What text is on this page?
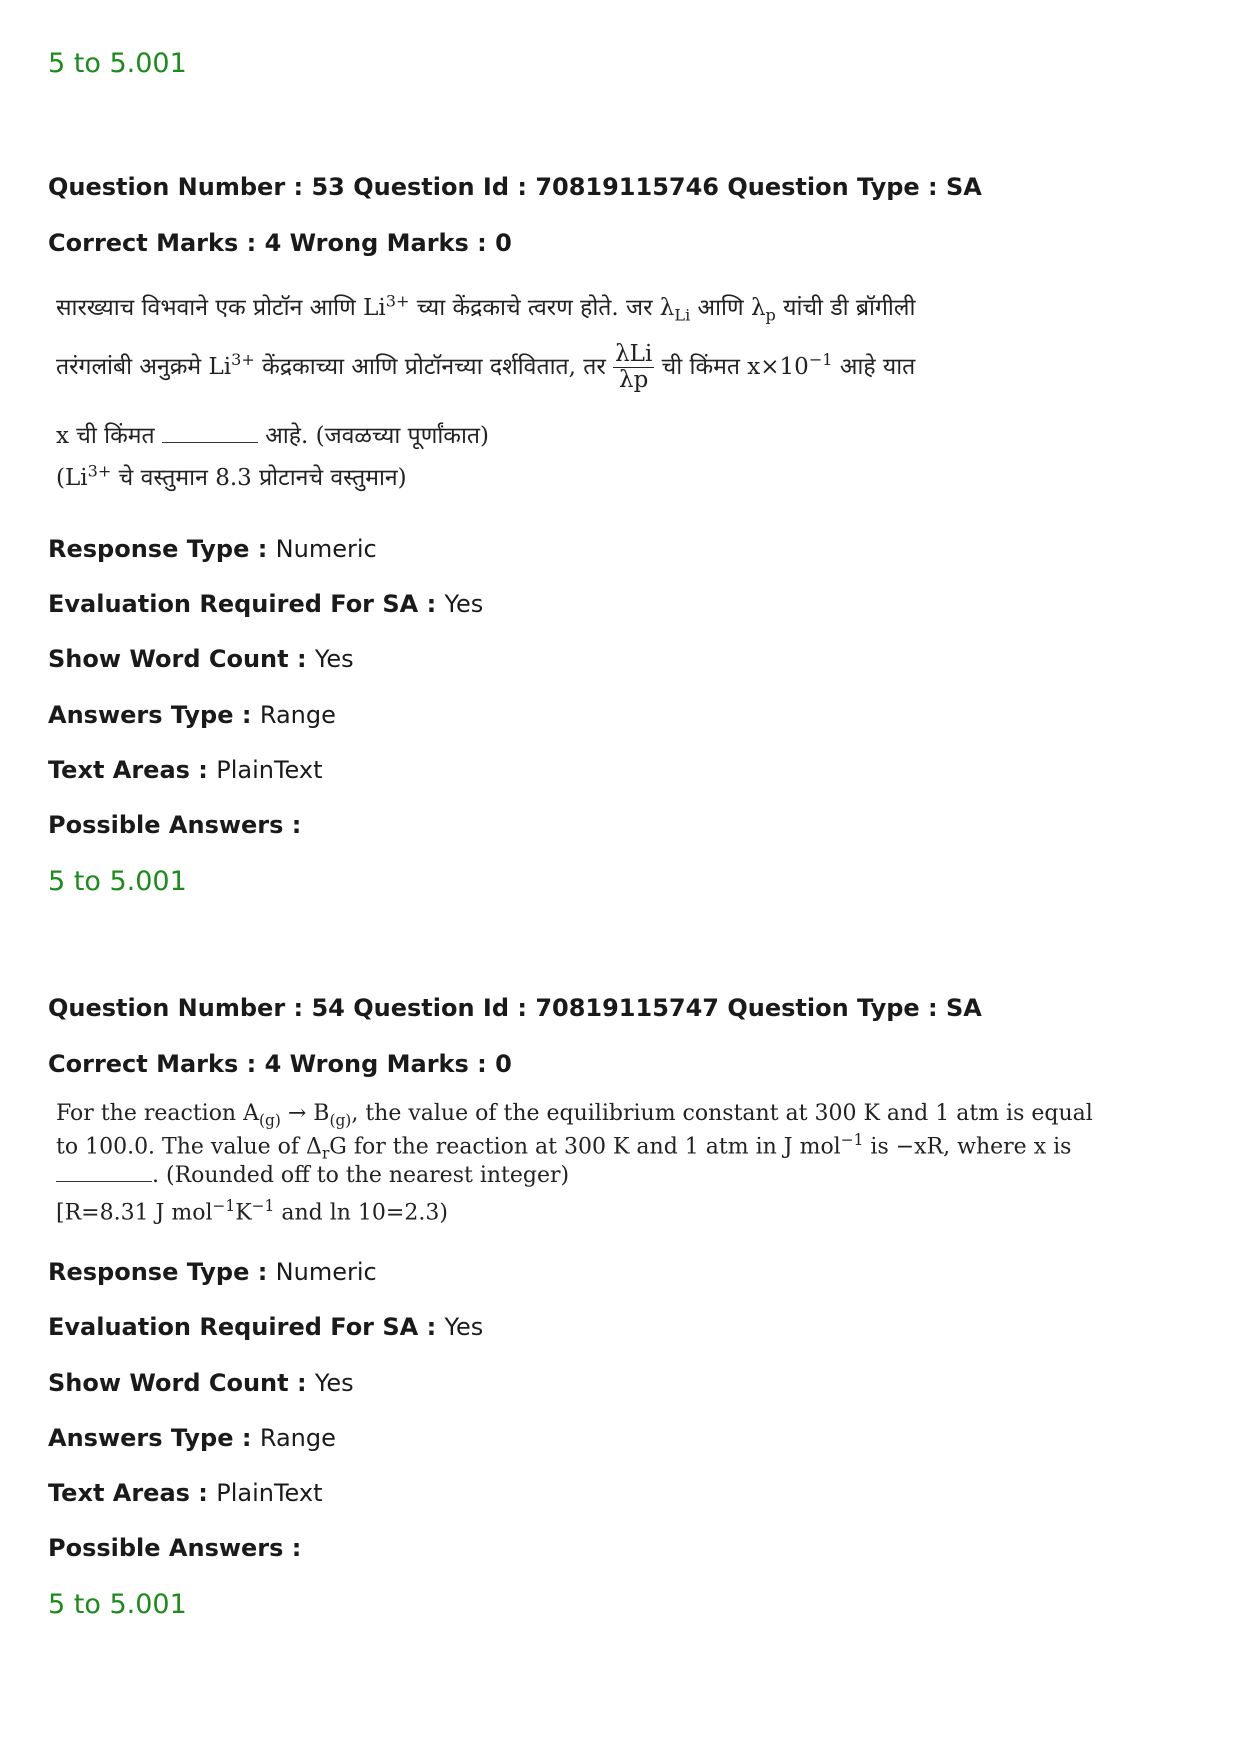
5 to 5.001
Question Number : 53 Question Id : 70819115746 Question Type : SA
Correct Marks : 4 Wrong Marks : 0
सारख्याच विभवाने एक प्रोटॉन आणि $Li^{3+}$ च्या केंद्रकाचे त्वरण होते. जर $\lambda_{Li}$ आणि $\lambda_p$ यांची डी ब्रॉगीली
तरंगलांबी अनुक्रमे $Li^{3+}$ केंद्रकाच्या आणि प्रोटॉनच्या दर्शवितात, तर $\frac{\text{λLi}}{\lambda p}$ ची किंमत $x\times 10^{-1}$ आहे यात
x ची किंमत	आहे. (जवळच्या पूर्णांकात)
($Li^{3+}$ चे वस्तुमान 8.3 प्रोटानचे वस्तुमान)
Response Type : Numeric
Evaluation Required For SA : Yes
Show Word Count : Yes
Answers Type : Range
Text Areas : PlainText
Possible Answers :
5 to 5.001
Question Number : 54 Question Id : 70819115747 Question Type : SA
Correct Marks : 4 Wrong Marks : 0
For the reaction $A_{(g)} \to B_{(g)}$, the value of the equilibrium constant at 300 K and 1 atm is equal
to 100.0. The value of $\Delta_rG$ for the reaction at 300 K and 1 atm in J mol$^{-1}$ is −xR, where x is
. (Rounded off to the nearest integer)
[R=8.31 J $mol^{-1}K^{-1}$ and ln 10=2.3)
Response Type : Numeric
Evaluation Required For SA : Yes
Show Word Count : Yes
Answers Type : Range
Text Areas : PlainText
Possible Answers :
5 to 5.001
